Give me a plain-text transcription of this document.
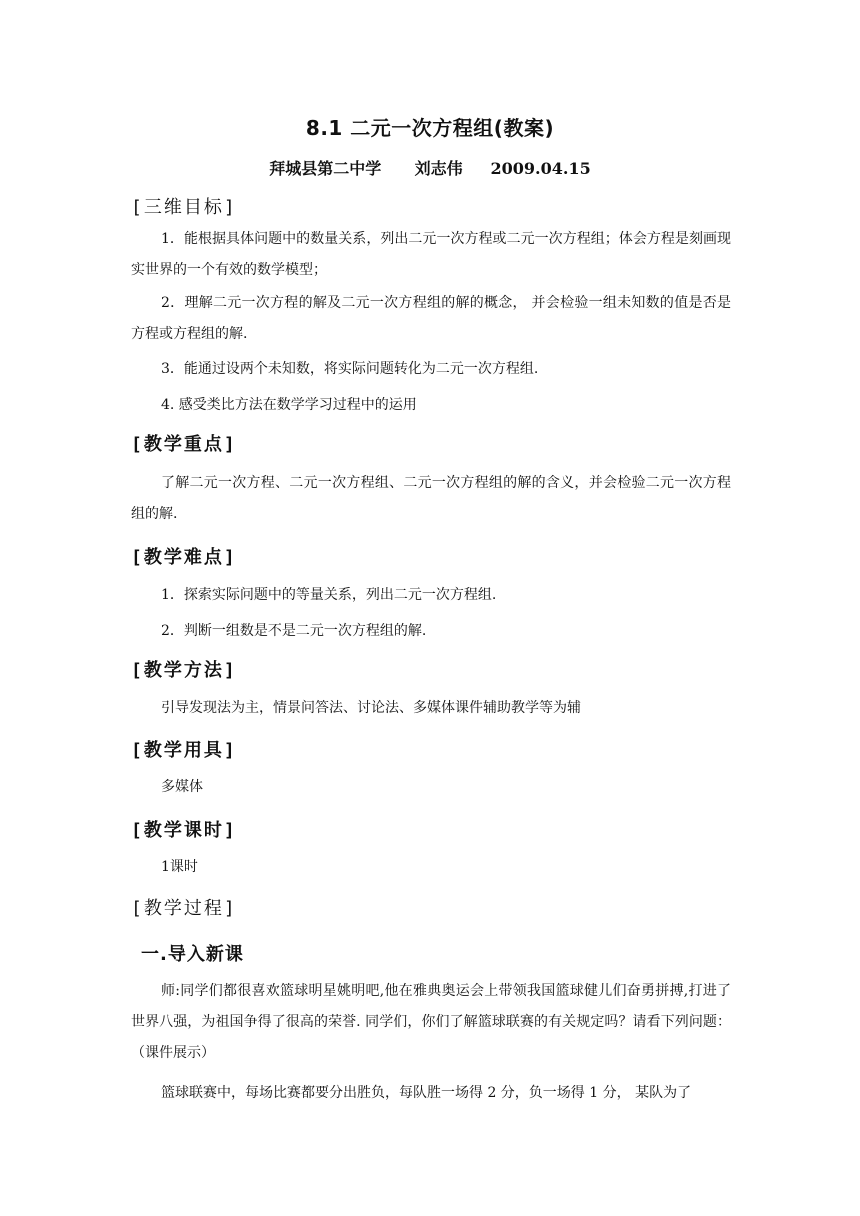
8.1 二元一次方程组(教案)
拜城县第二中学      刘志伟     2009.04.15
[三维目标]
1．能根据具体问题中的数量关系，列出二元一次方程或二元一次方程组；体会方程是刻画现实世界的一个有效的数学模型；
2．理解二元一次方程的解及二元一次方程组的解的概念， 并会检验一组未知数的值是否是方程或方程组的解.
3．能通过设两个未知数，将实际问题转化为二元一次方程组.
4. 感受类比方法在数学学习过程中的运用
[教学重点]
了解二元一次方程、二元一次方程组、二元一次方程组的解的含义，并会检验二元一次方程组的解.
[教学难点]
1．探索实际问题中的等量关系，列出二元一次方程组.
2．判断一组数是不是二元一次方程组的解.
[教学方法]
引导发现法为主，情景问答法、讨论法、多媒体课件辅助教学等为辅
[教学用具]
多媒体
[教学课时]
1课时
[教学过程]
一.导入新课
师:同学们都很喜欢篮球明星姚明吧,他在雅典奥运会上带领我国篮球健儿们奋勇拼搏,打进了世界八强，为祖国争得了很高的荣誉. 同学们，你们了解篮球联赛的有关规定吗？请看下列问题： （课件展示）
篮球联赛中，每场比赛都要分出胜负，每队胜一场得 2 分，负一场得 1 分， 某队为了
